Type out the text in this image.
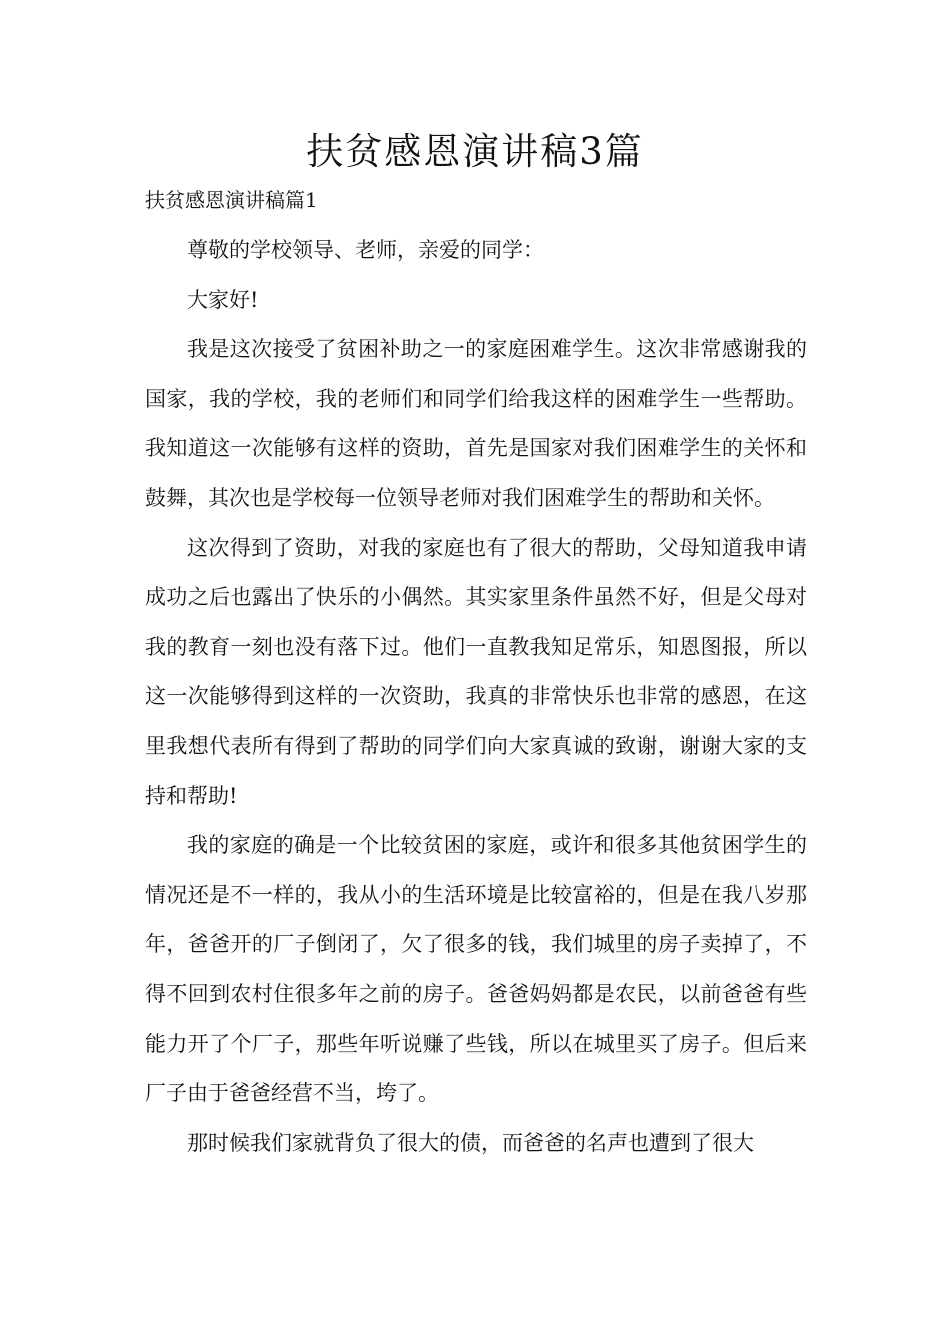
扶贫感恩演讲稿3篇
扶贫感恩演讲稿篇1

尊敬的学校领导、老师，亲爱的同学：

大家好!

我是这次接受了贫困补助之一的家庭困难学生。这次非常感谢我的国家，我的学校，我的老师们和同学们给我这样的困难学生一些帮助。我知道这一次能够有这样的资助，首先是国家对我们困难学生的关怀和鼓舞，其次也是学校每一位领导老师对我们困难学生的帮助和关怀。

这次得到了资助，对我的家庭也有了很大的帮助，父母知道我申请成功之后也露出了快乐的小偶然。其实家里条件虽然不好，但是父母对我的教育一刻也没有落下过。他们一直教我知足常乐，知恩图报，所以这一次能够得到这样的一次资助，我真的非常快乐也非常的感恩，在这里我想代表所有得到了帮助的同学们向大家真诚的致谢，谢谢大家的支持和帮助!

我的家庭的确是一个比较贫困的家庭，或许和很多其他贫困学生的情况还是不一样的，我从小的生活环境是比较富裕的，但是在我八岁那年，爸爸开的厂子倒闭了，欠了很多的钱，我们城里的房子卖掉了，不得不回到农村住很多年之前的房子。爸爸妈妈都是农民，以前爸爸有些能力开了个厂子，那些年听说赚了些钱，所以在城里买了房子。但后来厂子由于爸爸经营不当，垮了。

那时候我们家就背负了很大的债，而爸爸的名声也遭到了很大
